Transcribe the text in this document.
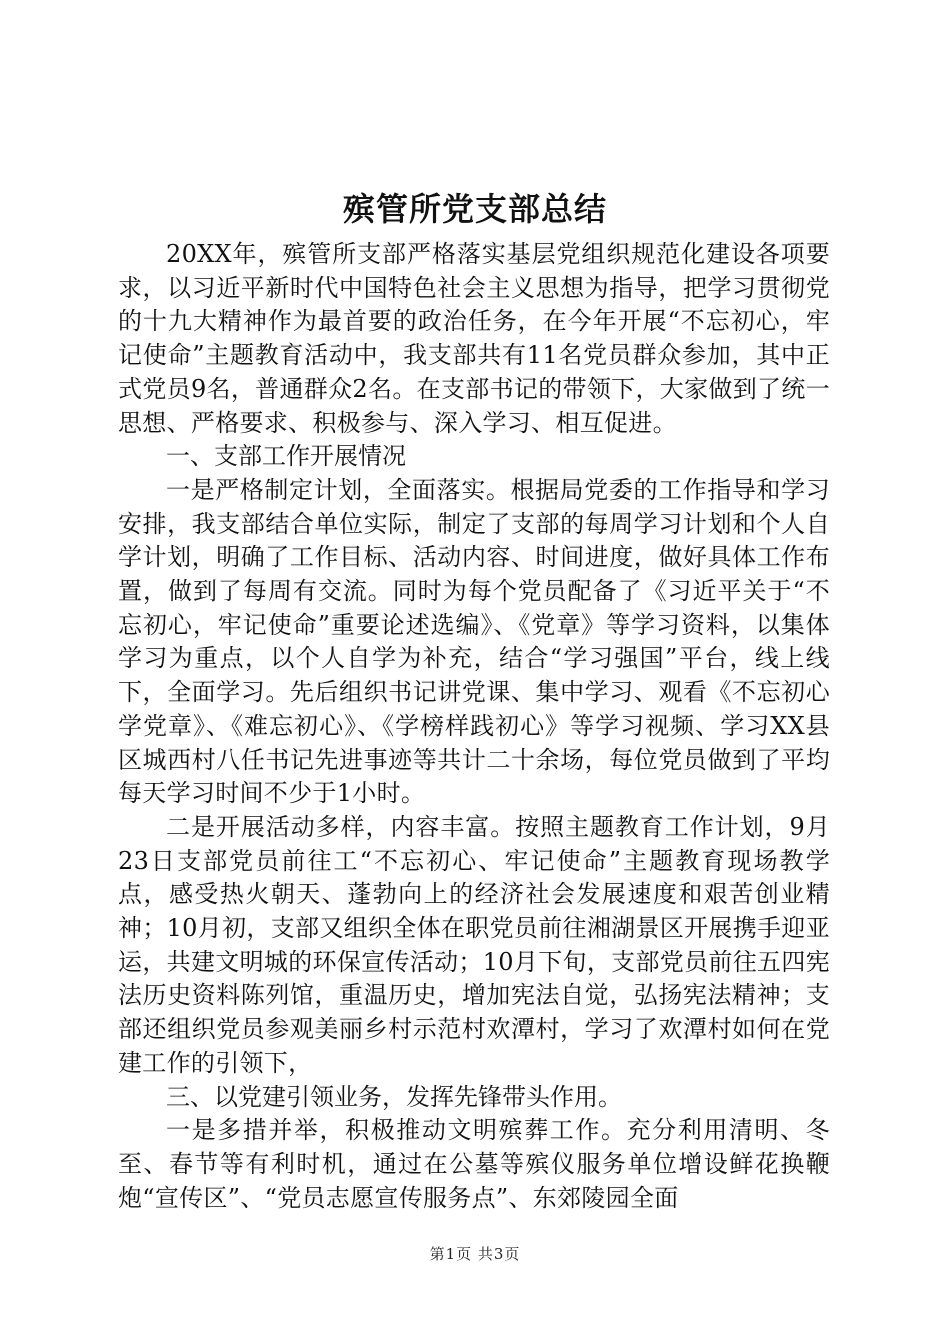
殡管所党支部总结

20XX年，殡管所支部严格落实基层党组织规范化建设各项要求，以习近平新时代中国特色社会主义思想为指导，把学习贯彻党的十九大精神作为最首要的政治任务，在今年开展“不忘初心，牢记使命”主题教育活动中，我支部共有11名党员群众参加，其中正式党员9名，普通群众2名。在支部书记的带领下，大家做到了统一思想、严格要求、积极参与、深入学习、相互促进。

一、支部工作开展情况

一是严格制定计划，全面落实。根据局党委的工作指导和学习安排，我支部结合单位实际，制定了支部的每周学习计划和个人自学计划，明确了工作目标、活动内容、时间进度，做好具体工作布置，做到了每周有交流。同时为每个党员配备了《习近平关于“不忘初心，牢记使命”重要论述选编》、《党章》等学习资料，以集体学习为重点，以个人自学为补充，结合“学习强国”平台，线上线下，全面学习。先后组织书记讲党课、集中学习、观看《不忘初心学党章》、《难忘初心》、《学榜样践初心》等学习视频、学习XX县区城西村八任书记先进事迹等共计二十余场，每位党员做到了平均每天学习时间不少于1小时。

二是开展活动多样，内容丰富。按照主题教育工作计划，9月23日支部党员前往工“不忘初心、牢记使命”主题教育现场教学点，感受热火朝天、蓬勃向上的经济社会发展速度和艰苦创业精神；10月初，支部又组织全体在职党员前往湘湖景区开展携手迎亚运，共建文明城的环保宣传活动；10月下旬，支部党员前往五四宪法历史资料陈列馆，重温历史，增加宪法自觉，弘扬宪法精神；支部还组织党员参观美丽乡村示范村欢潭村，学习了欢潭村如何在党建工作的引领下，

三、以党建引领业务，发挥先锋带头作用。

一是多措并举，积极推动文明殡葬工作。充分利用清明、冬至、春节等有利时机，通过在公墓等殡仪服务单位增设鲜花换鞭炮“宣传区”、“党员志愿宣传服务点”、东郊陵园全面

第1页 共3页
